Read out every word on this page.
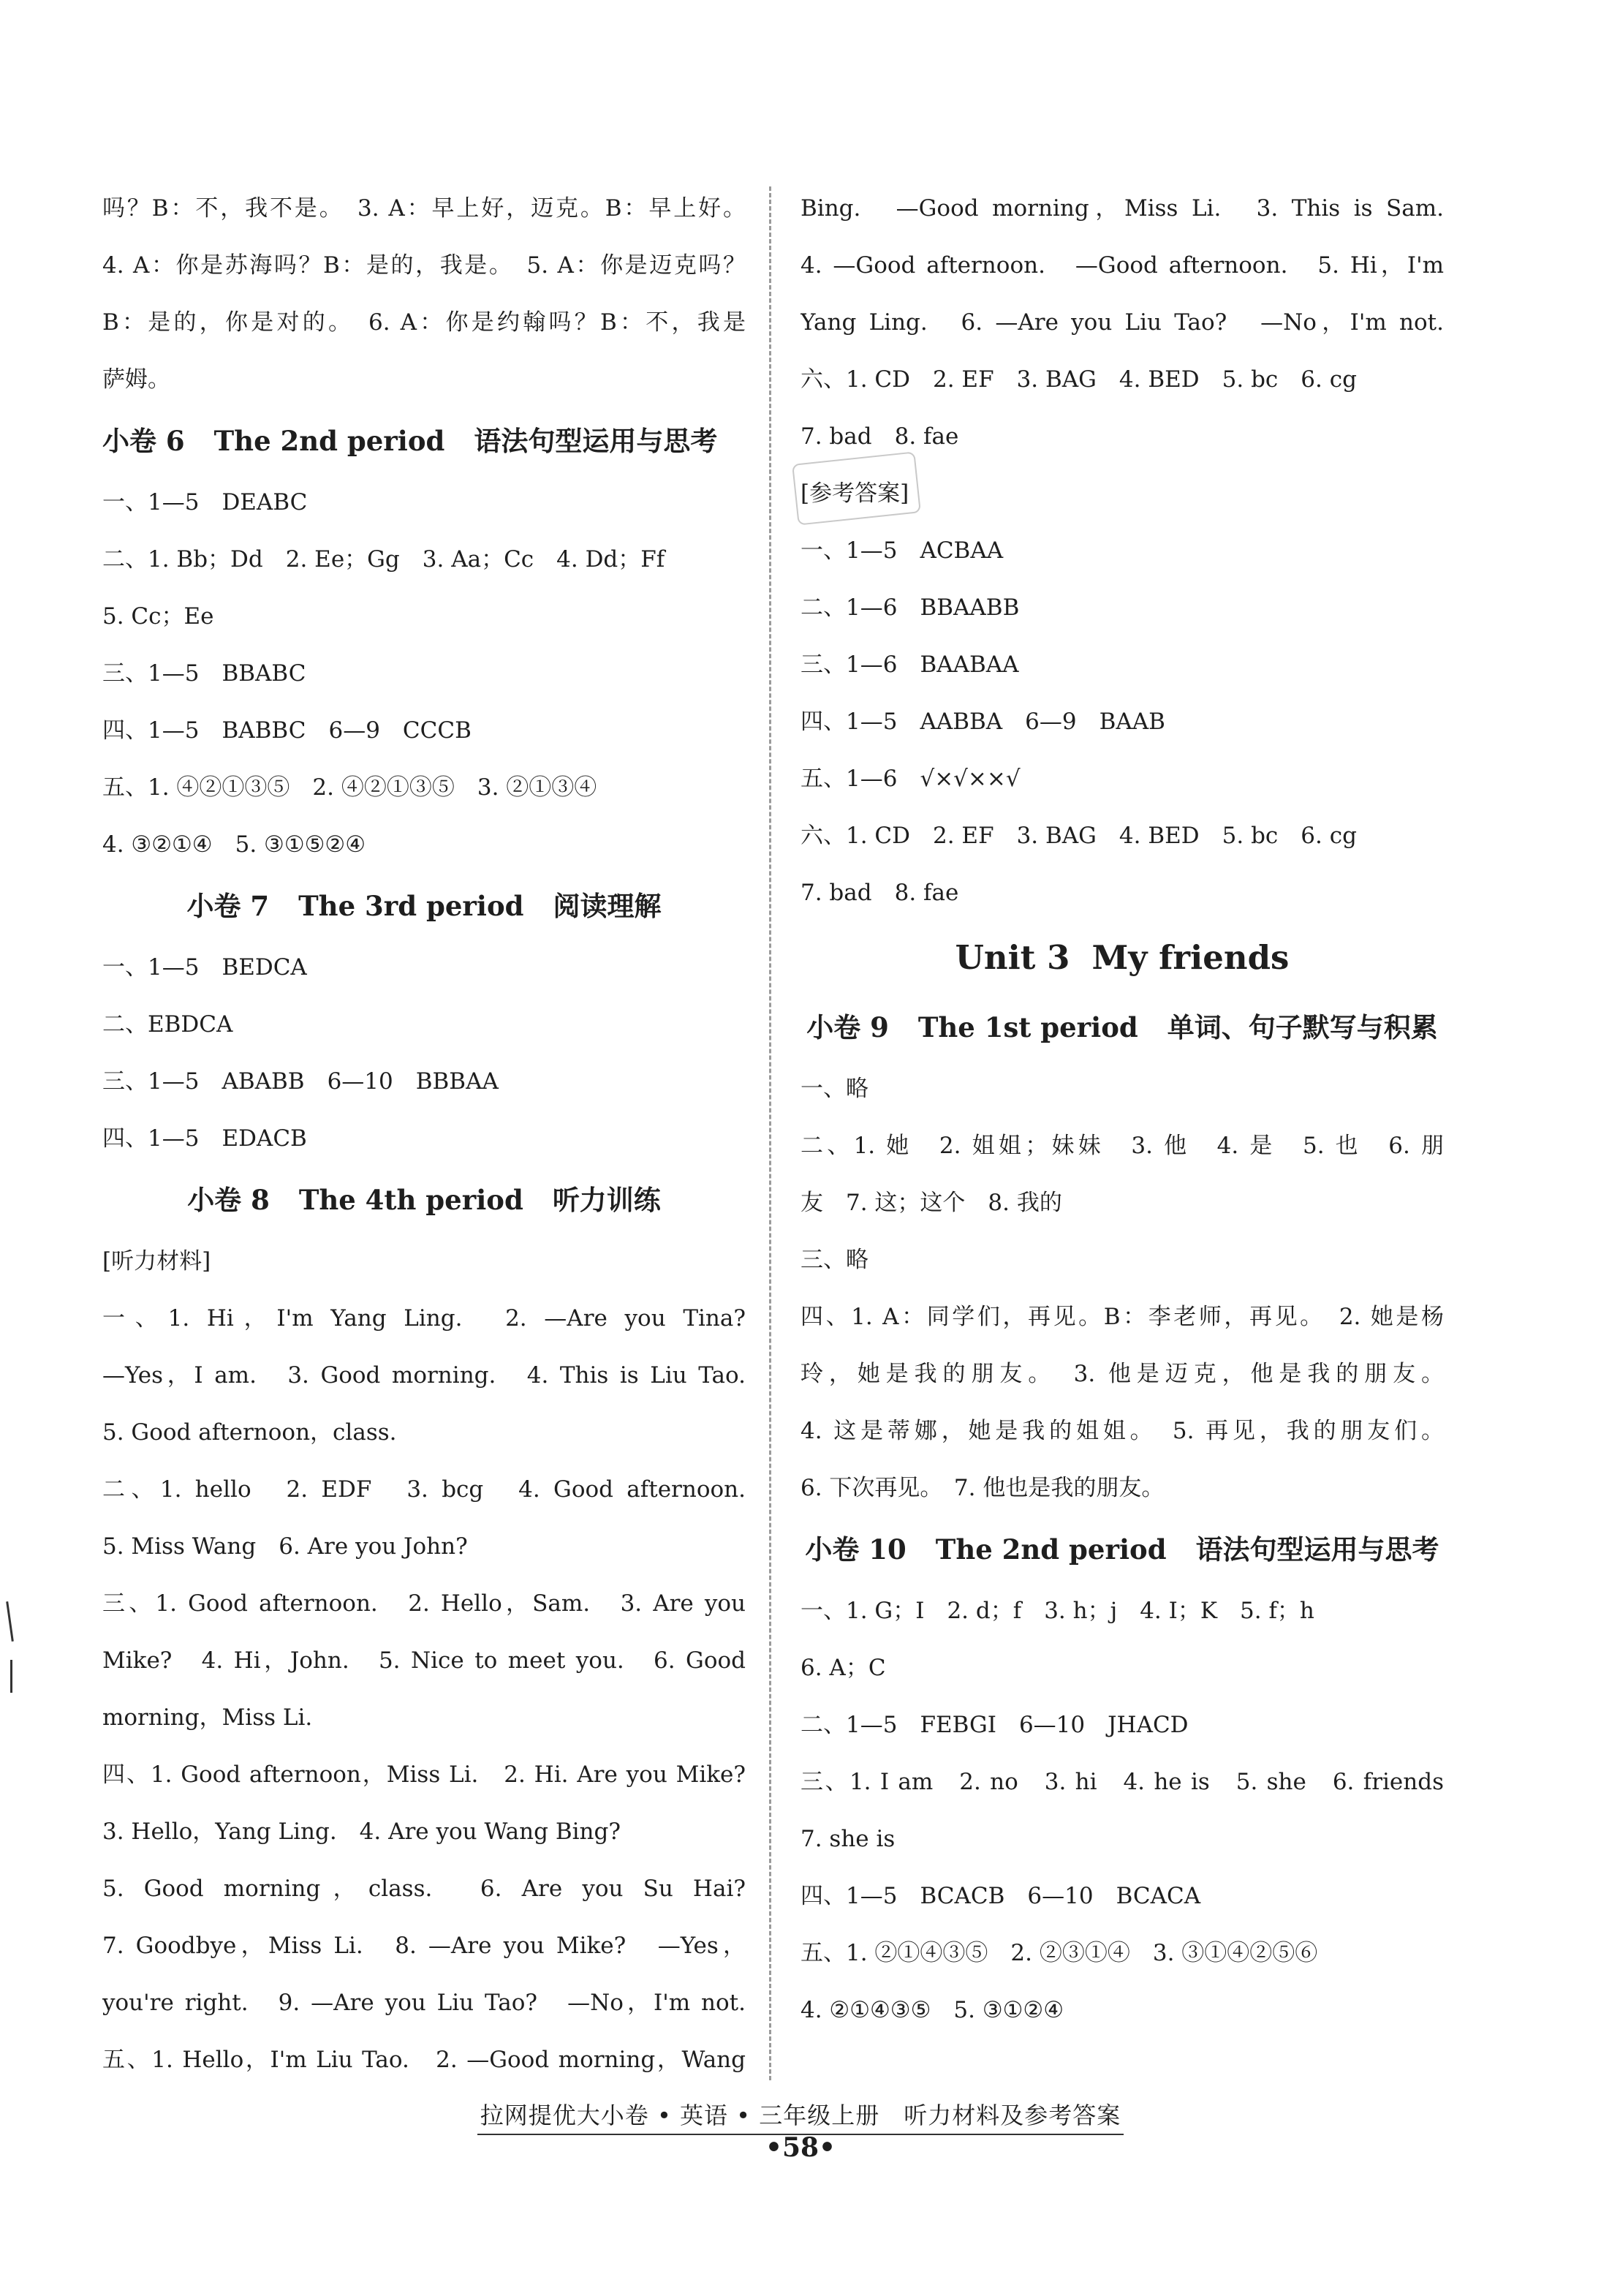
吗？B：不，我不是。　3. A：早上好，迈克。B：早上好。
4. A：你是苏海吗？B：是的，我是。　5. A：你是迈克吗？
B：是的，你是对的。　6. A：你是约翰吗？B：不，我是
萨姆。
小卷 6 The 2nd period 语法句型运用与思考
一、1—5　DEABC
二、1. Bb；Dd　2. Ee；Gg　3. Aa；Cc　4. Dd；Ff
5. Cc；Ee
三、1—5　BBABC
四、1—5　BABBC　6—9　CCCB
五、1. ④②①③⑤　2. ④②①③⑤　3. ②①③④
4. ③②①④　5. ③①⑤②④
小卷 7 The 3rd period 阅读理解
一、1—5　BEDCA
二、EBDCA
三、1—5　ABABB　6—10　BBBAA
四、1—5　EDACB
小卷 8 The 4th period 听力训练
[听力材料]
一、1. Hi，I'm Yang Ling.　2. —Are you Tina?
—Yes，I am.　3. Good morning.　4. This is Liu Tao.
5. Good afternoon，class.
二、1. hello　2. EDF　3. bcg　4. Good afternoon.
5. Miss Wang　6. Are you John?
三、1. Good afternoon.　2. Hello，Sam.　3. Are you
Mike?　4. Hi，John.　5. Nice to meet you.　6. Good
morning，Miss Li.
四、1. Good afternoon，Miss Li.　2. Hi. Are you Mike?
3. Hello，Yang Ling.　4. Are you Wang Bing?
5. Good morning，class.　6. Are you Su Hai?
7. Goodbye，Miss Li.　8. —Are you Mike?　—Yes，
you're right.　9. —Are you Liu Tao?　—No，I'm not.
五、1. Hello，I'm Liu Tao.　2. —Good morning，Wang
Bing.　—Good morning，Miss Li.　3. This is Sam.
4. —Good afternoon.　—Good afternoon.　5. Hi，I'm
Yang Ling.　6. —Are you Liu Tao?　—No，I'm not.
六、1. CD　2. EF　3. BAG　4. BED　5. bc　6. cg
7. bad　8. fae
[参考答案]
一、1—5　ACBAA
二、1—6　BBAABB
三、1—6　BAABAA
四、1—5　AABBA　6—9　BAAB
五、1—6　√×√××√
六、1. CD　2. EF　3. BAG　4. BED　5. bc　6. cg
7. bad　8. fae
Unit 3 My friends
小卷 9 The 1st period 单词、句子默写与积累
一、略
二、1. 她　2. 姐姐；妹妹　3. 他　4. 是　5. 也　6. 朋
友　7. 这；这个　8. 我的
三、略
四、1. A：同学们，再见。B：李老师，再见。　2. 她是杨
玲，她是我的朋友。　3. 他是迈克，他是我的朋友。
4. 这是蒂娜，她是我的姐姐。　5. 再见，我的朋友们。
6. 下次再见。　7. 他也是我的朋友。
小卷 10 The 2nd period 语法句型运用与思考
一、1. G；I　2. d；f　3. h；j　4. I；K　5. f；h
6. A；C
二、1—5　FEBGI　6—10　JHACD
三、1. I am　2. no　3. hi　4. he is　5. she　6. friends
7. she is
四、1—5　BCACB　6—10　BCACA
五、1. ②①④③⑤　2. ②③①④　3. ③①④②⑤⑥
4. ②①④③⑤　5. ③①②④
拉网提优大小卷 • 英语 • 三年级上册　听力材料及参考答案
•58•
